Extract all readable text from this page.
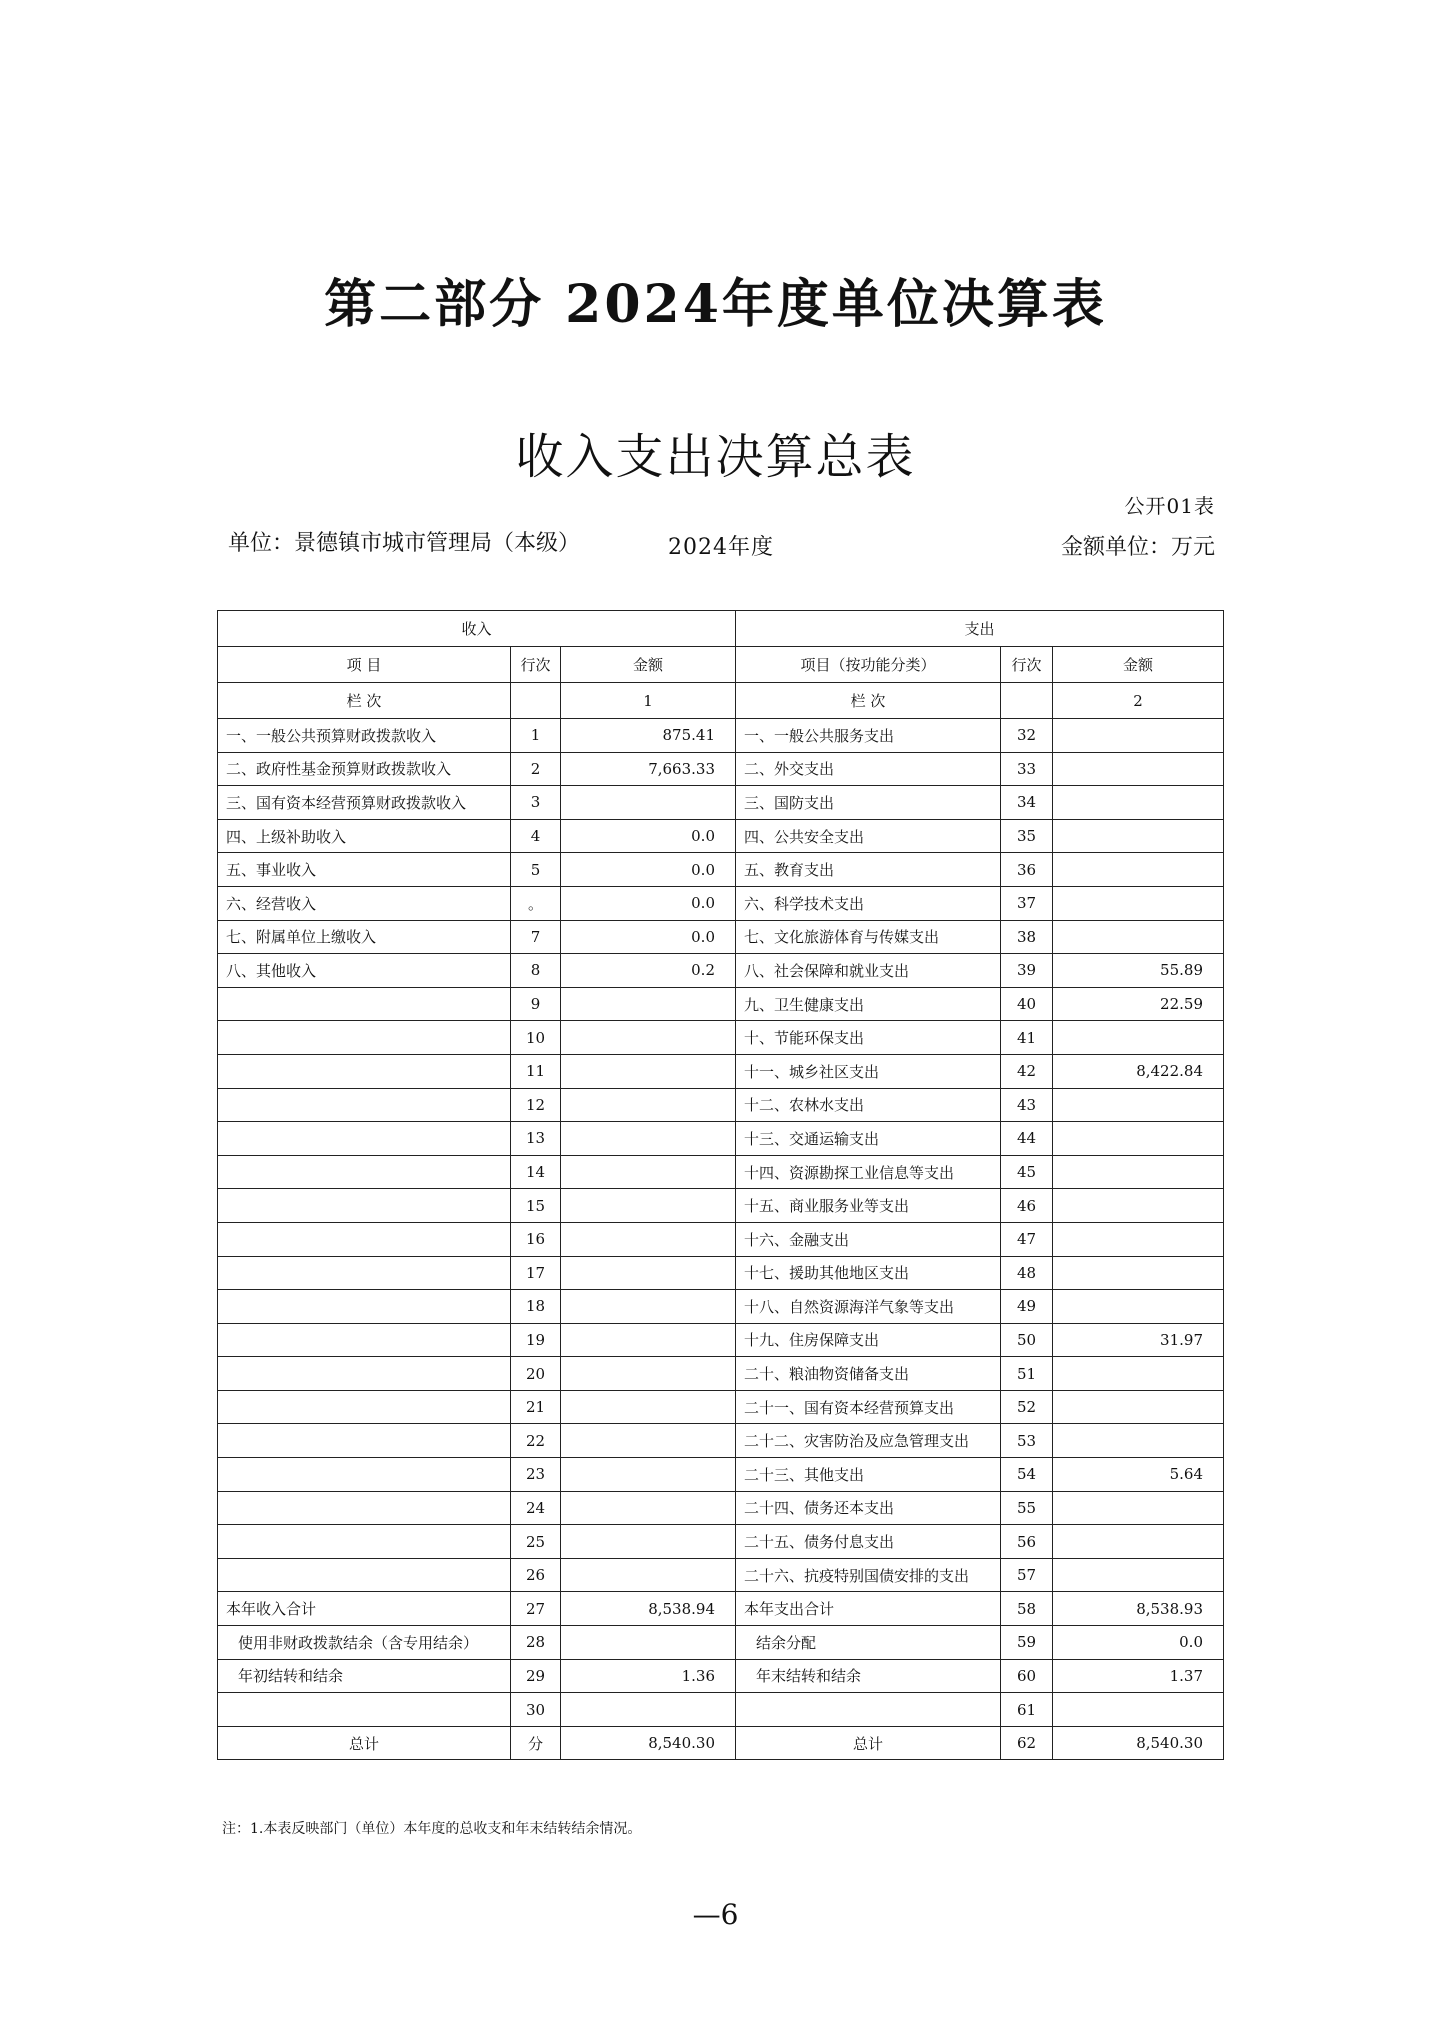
第二部分 2024年度单位决算表
收入支出决算总表
公开01表
单位：景德镇市城市管理局（本级）	2024年度	金额单位：万元
收入			支出		
项 目	行次	金额	项目（按功能分类）	行次	金额
栏 次		1	栏 次		2
一、一般公共预算财政拨款收入	1	875.41	一、一般公共服务支出	32	
二、政府性基金预算财政拨款收入	2	7,663.33	二、外交支出	33	
三、国有资本经营预算财政拨款收入	3		三、国防支出	34	
四、上级补助收入	4	0.0	四、公共安全支出	35	
五、事业收入	5	0.0	五、教育支出	36	
六、经营收入	。	0.0	六、科学技术支出	37	
七、附属单位上缴收入	7	0.0	七、文化旅游体育与传媒支出	38	
八、其他收入	8	0.2	八、社会保障和就业支出	39	55.89
	9		九、卫生健康支出	40	22.59
	10		十、节能环保支出	41	
	11		十一、城乡社区支出	42	8,422.84
	12		十二、农林水支出	43	
	13		十三、交通运输支出	44	
	14		十四、资源勘探工业信息等支出	45	
	15		十五、商业服务业等支出	46	
	16		十六、金融支出	47	
	17		十七、援助其他地区支出	48	
	18		十八、自然资源海洋气象等支出	49	
	19		十九、住房保障支出	50	31.97
	20		二十、粮油物资储备支出	51	
	21		二十一、国有资本经营预算支出	52	
	22		二十二、灾害防治及应急管理支出	53	
	23		二十三、其他支出	54	5.64
	24		二十四、债务还本支出	55	
	25		二十五、债务付息支出	56	
	26		二十六、抗疫特别国债安排的支出	57	
本年收入合计	27	8,538.94	本年支出合计	58	8,538.93
使用非财政拨款结余（含专用结余）	28		结余分配	59	0.0
年初结转和结余	29	1.36	年末结转和结余	60	1.37
	30			61	
总计	分	8,540.30	总计	62	8,540.30
注：1.本表反映部门（单位）本年度的总收支和年末结转结余情况。
—6
